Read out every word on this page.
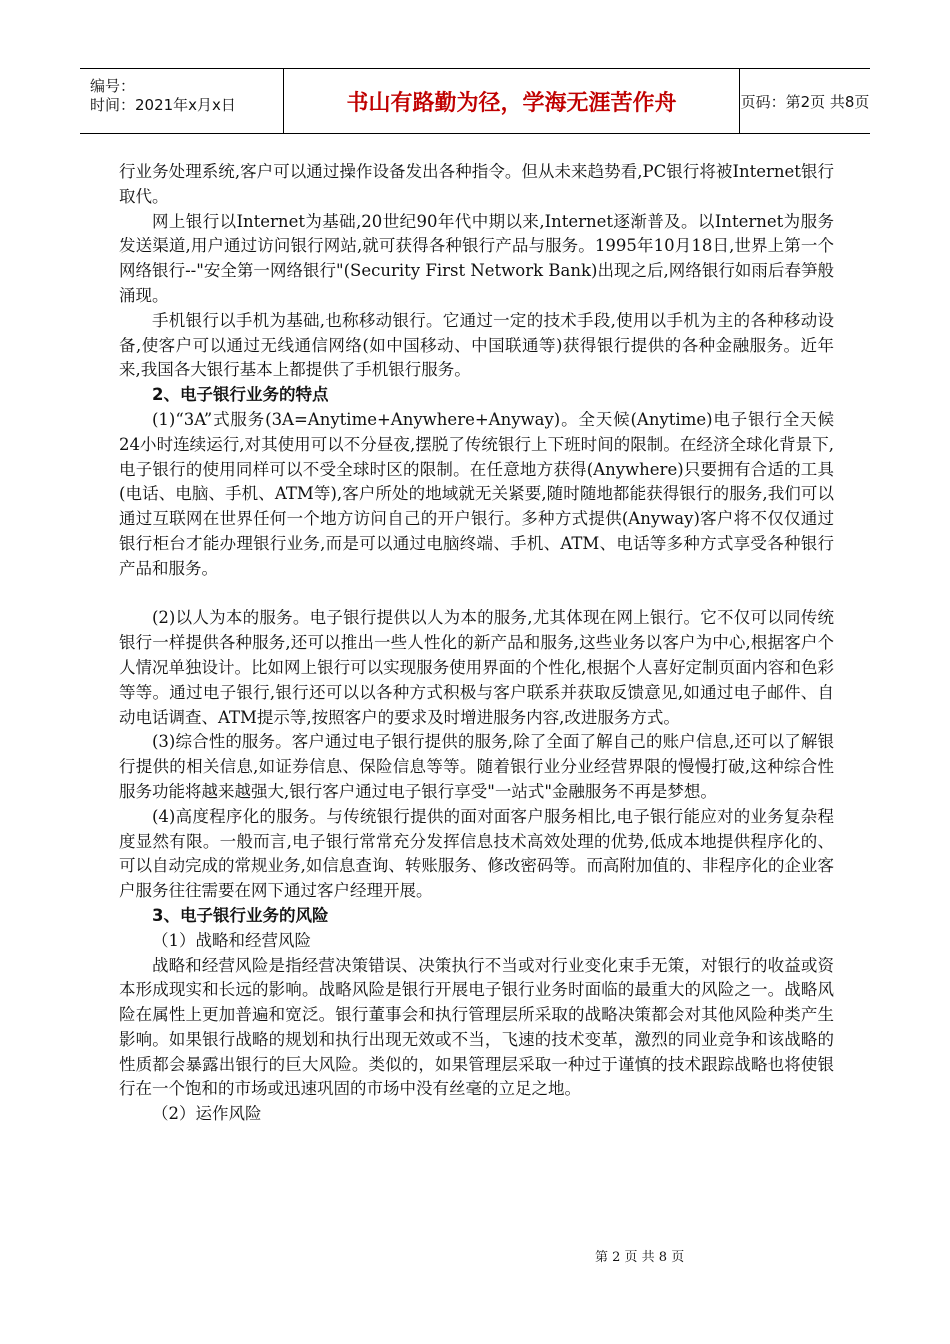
编号：
时间：2021年x月x日	书山有路勤为径，学海无涯苦作舟	页码：第2页 共8页

行业务处理系统,客户可以通过操作设备发出各种指令。但从未来趋势看,PC银行将被Internet银行取代。

网上银行以Internet为基础,20世纪90年代中期以来,Internet逐渐普及。以Internet为服务发送渠道,用户通过访问银行网站,就可获得各种银行产品与服务。1995年10月18日,世界上第一个网络银行--"安全第一网络银行"(Security First Network Bank)出现之后,网络银行如雨后春笋般涌现。

手机银行以手机为基础,也称移动银行。它通过一定的技术手段,使用以手机为主的各种移动设备,使客户可以通过无线通信网络(如中国移动、中国联通等)获得银行提供的各种金融服务。近年来,我国各大银行基本上都提供了手机银行服务。

2、电子银行业务的特点

(1)“3A”式服务(3A=Anytime+Anywhere+Anyway)。全天候(Anytime)电子银行全天候24小时连续运行,对其使用可以不分昼夜,摆脱了传统银行上下班时间的限制。在经济全球化背景下,电子银行的使用同样可以不受全球时区的限制。在任意地方获得(Anywhere)只要拥有合适的工具(电话、电脑、手机、ATM等),客户所处的地域就无关紧要,随时随地都能获得银行的服务,我们可以通过互联网在世界任何一个地方访问自己的开户银行。多种方式提供(Anyway)客户将不仅仅通过银行柜台才能办理银行业务,而是可以通过电脑终端、手机、ATM、电话等多种方式享受各种银行产品和服务。

(2)以人为本的服务。电子银行提供以人为本的服务,尤其体现在网上银行。它不仅可以同传统银行一样提供各种服务,还可以推出一些人性化的新产品和服务,这些业务以客户为中心,根据客户个人情况单独设计。比如网上银行可以实现服务使用界面的个性化,根据个人喜好定制页面内容和色彩等等。通过电子银行,银行还可以以各种方式积极与客户联系并获取反馈意见,如通过电子邮件、自动电话调查、ATM提示等,按照客户的要求及时增进服务内容,改进服务方式。

(3)综合性的服务。客户通过电子银行提供的服务,除了全面了解自己的账户信息,还可以了解银行提供的相关信息,如证券信息、保险信息等等。随着银行业分业经营界限的慢慢打破,这种综合性服务功能将越来越强大,银行客户通过电子银行享受"一站式"金融服务不再是梦想。

(4)高度程序化的服务。与传统银行提供的面对面客户服务相比,电子银行能应对的业务复杂程度显然有限。一般而言,电子银行常常充分发挥信息技术高效处理的优势,低成本地提供程序化的、可以自动完成的常规业务,如信息查询、转账服务、修改密码等。而高附加值的、非程序化的企业客户服务往往需要在网下通过客户经理开展。

3、电子银行业务的风险

（1）战略和经营风险

战略和经营风险是指经营决策错误、决策执行不当或对行业变化束手无策，对银行的收益或资本形成现实和长远的影响。战略风险是银行开展电子银行业务时面临的最重大的风险之一。战略风险在属性上更加普遍和宽泛。银行董事会和执行管理层所采取的战略决策都会对其他风险种类产生影响。如果银行战略的规划和执行出现无效或不当，飞速的技术变革，激烈的同业竞争和该战略的性质都会暴露出银行的巨大风险。类似的，如果管理层采取一种过于谨慎的技术跟踪战略也将使银行在一个饱和的市场或迅速巩固的市场中没有丝毫的立足之地。

（2）运作风险

第 2 页 共 8 页
